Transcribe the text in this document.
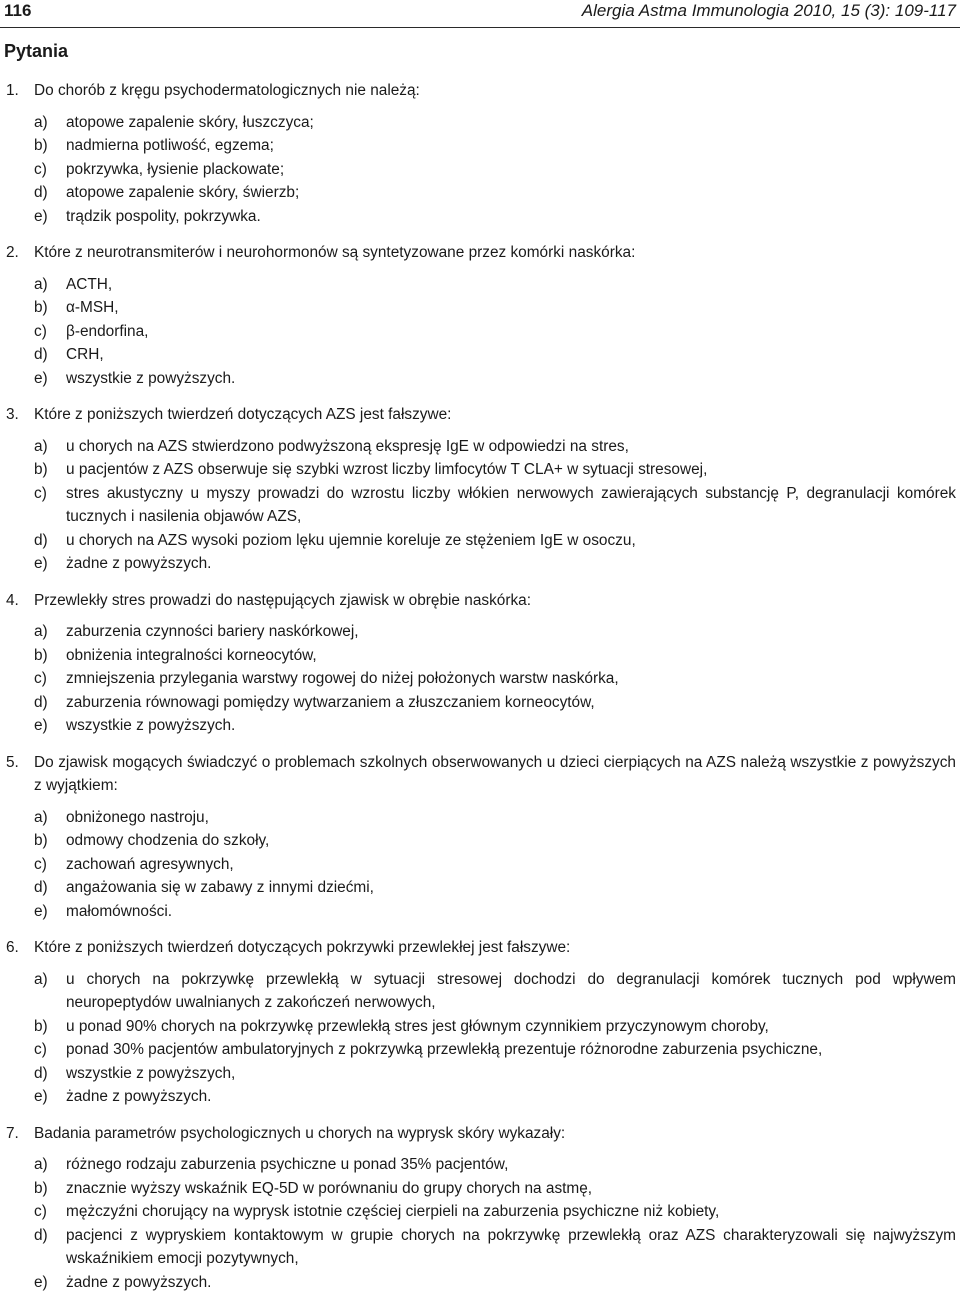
116	Alergia Astma Immunologia 2010, 15 (3): 109-117
Pytania
1. Do chorób z kręgu psychodermatologicznych nie należą:
a) atopowe zapalenie skóry, łuszczyca;
b) nadmierna potliwość, egzema;
c) pokrzywka, łysienie plackowate;
d) atopowe zapalenie skóry, świerzb;
e) trądzik pospolity, pokrzywka.
2. Które z neurotransmiterów i neurohormonów są syntetyzowane przez komórki naskórka:
a) ACTH,
b) α-MSH,
c) β-endorfina,
d) CRH,
e) wszystkie z powyższych.
3. Które z poniższych twierdzeń dotyczących AZS jest fałszywe:
a) u chorych na AZS stwierdzono podwyższoną ekspresję IgE w odpowiedzi na stres,
b) u pacjentów z AZS obserwuje się szybki wzrost liczby limfocytów T CLA+ w sytuacji stresowej,
c) stres akustyczny u myszy prowadzi do wzrostu liczby włókien nerwowych zawierających substancję P, degranulacji komórek tucznych i nasilenia objawów AZS,
d) u chorych na AZS wysoki poziom lęku ujemnie koreluje ze stężeniem IgE w osoczu,
e) żadne z powyższych.
4. Przewlekły stres prowadzi do następujących zjawisk w obrębie naskórka:
a) zaburzenia czynności bariery naskórkowej,
b) obniżenia integralności korneocytów,
c) zmniejszenia przylegania warstwy rogowej do niżej położonych warstw naskórka,
d) zaburzenia równowagi pomiędzy wytwarzaniem a złuszczaniem korneocytów,
e) wszystkie z powyższych.
5. Do zjawisk mogących świadczyć o problemach szkolnych obserwowanych u dzieci cierpiących na AZS należą wszystkie z powyższych z wyjątkiem:
a) obniżonego nastroju,
b) odmowy chodzenia do szkoły,
c) zachowań agresywnych,
d) angażowania się w zabawy z innymi dziećmi,
e) małomówności.
6. Które z poniższych twierdzeń dotyczących pokrzywki przewlekłej jest fałszywe:
a) u chorych na pokrzywkę przewlekłą w sytuacji stresowej dochodzi do degranulacji komórek tucznych pod wpływem neuropeptydów uwalnianych z zakończeń nerwowych,
b) u ponad 90% chorych na pokrzywkę przewlekłą stres jest głównym czynnikiem przyczynowym choroby,
c) ponad 30% pacjentów ambulatoryjnych z pokrzywką przewlekłą prezentuje różnorodne zaburzenia psychiczne,
d) wszystkie z powyższych,
e) żadne z powyższych.
7. Badania parametrów psychologicznych u chorych na wyprysk skóry wykazały:
a) różnego rodzaju zaburzenia psychiczne u ponad 35% pacjentów,
b) znacznie wyższy wskaźnik EQ-5D w porównaniu do grupy chorych na astmę,
c) mężczyźni chorujący na wyprysk istotnie częściej cierpieli na zaburzenia psychiczne niż kobiety,
d) pacjenci z wypryskiem kontaktowym w grupie chorych na pokrzywkę przewlekłą oraz AZS charakteryzowali się najwyższym wskaźnikiem emocji pozytywnych,
e) żadne z powyższych.
